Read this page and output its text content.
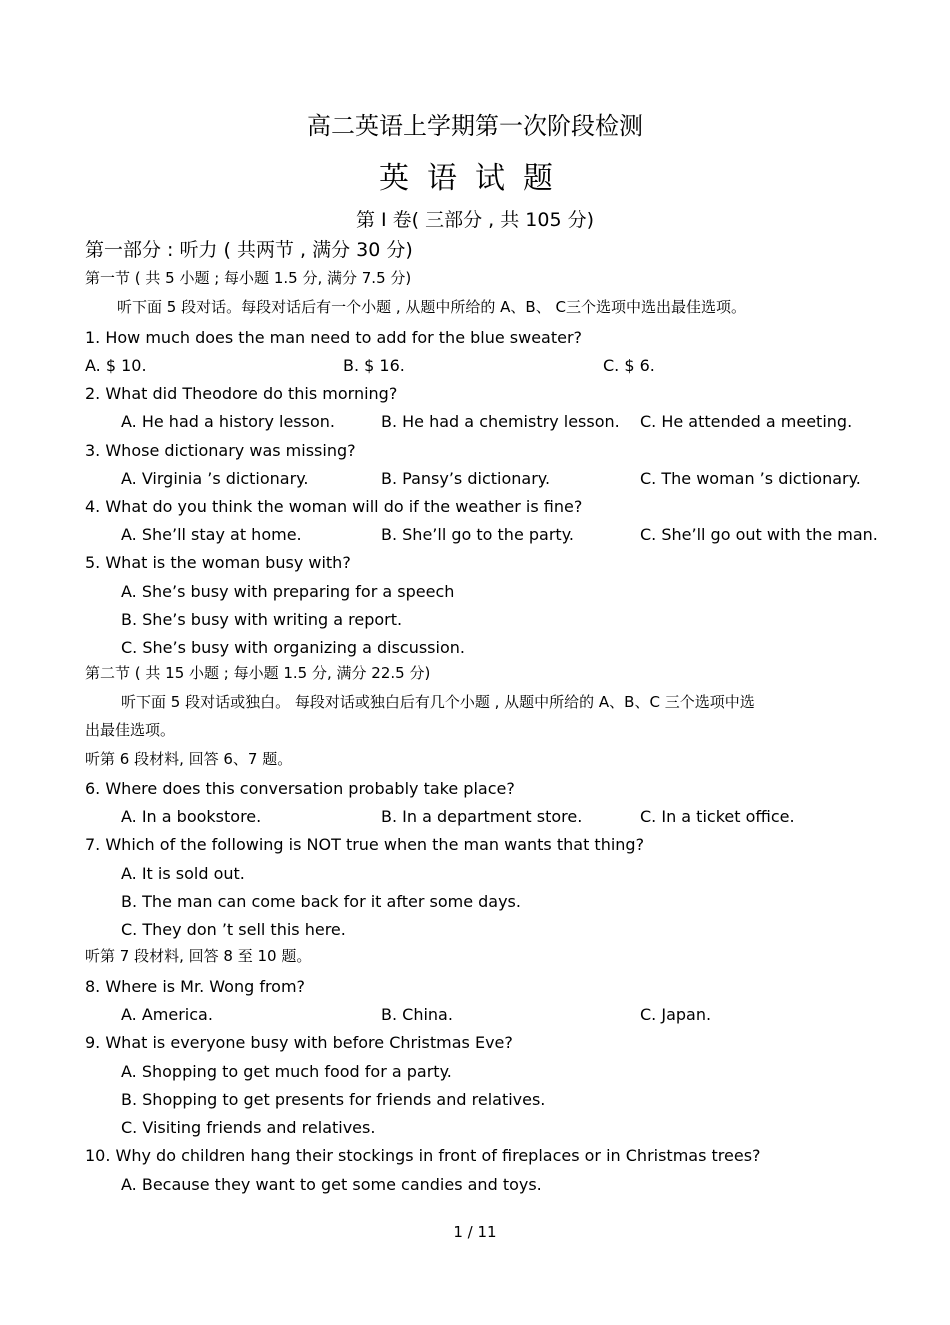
高二英语上学期第一次阶段检测
英语试题
第 Ⅰ 卷( 三部分 , 共 105 分)
第一部分 : 听力 ( 共两节 , 满分 30 分)
第一节 ( 共 5 小题 ; 每小题 1.5 分, 满分 7.5 分)
听下面 5 段对话。每段对话后有一个小题 , 从题中所给的 A、B、 C三个选项中选出最佳选项。
1. How much does the man need to add for the blue sweater?
A. $ 10.	B. $ 16.	C. $ 6.
2. What did Theodore do this morning?
A. He had a history lesson.	B. He had a chemistry lesson. C. He attended a meeting.
3. Whose dictionary was missing?
A. Virginia ’s dictionary.	B. Pansy’s dictionary.	C. The woman ’s dictionary.
4. What do you think the woman will do if the weather is fine?
A. She’ll stay at home.	B. She’ll go to the party.	C. She’ll go out with the man.
5. What is the woman busy with?
A. She’s busy with preparing for a speech
B. She’s busy with writing a report.
C. She’s busy with organizing a discussion.
第二节 ( 共 15 小题 ; 每小题 1.5 分, 满分 22.5 分)
听下面 5 段对话或独白。 每段对话或独白后有几个小题 , 从题中所给的 A、B、C 三个选项中选
出最佳选项。
听第 6 段材料, 回答 6、7 题。
6. Where does this conversation probably take place?
A. In a bookstore.	B. In a department store.	C. In a ticket office.
7. Which of the following is NOT true when the man wants that thing?
A. It is sold out.
B. The man can come back for it after some days.
C. They don ’t sell this here.
听第 7 段材料, 回答 8 至 10 题。
8. Where is Mr. Wong from?
A. America.	B. China.	C. Japan.
9. What is everyone busy with before Christmas Eve?
A. Shopping to get much food for a party.
B. Shopping to get presents for friends and relatives.
C. Visiting friends and relatives.
10. Why do children hang their stockings in front of fireplaces or in Christmas trees?
A. Because they want to get some candies and toys.
1 / 11
